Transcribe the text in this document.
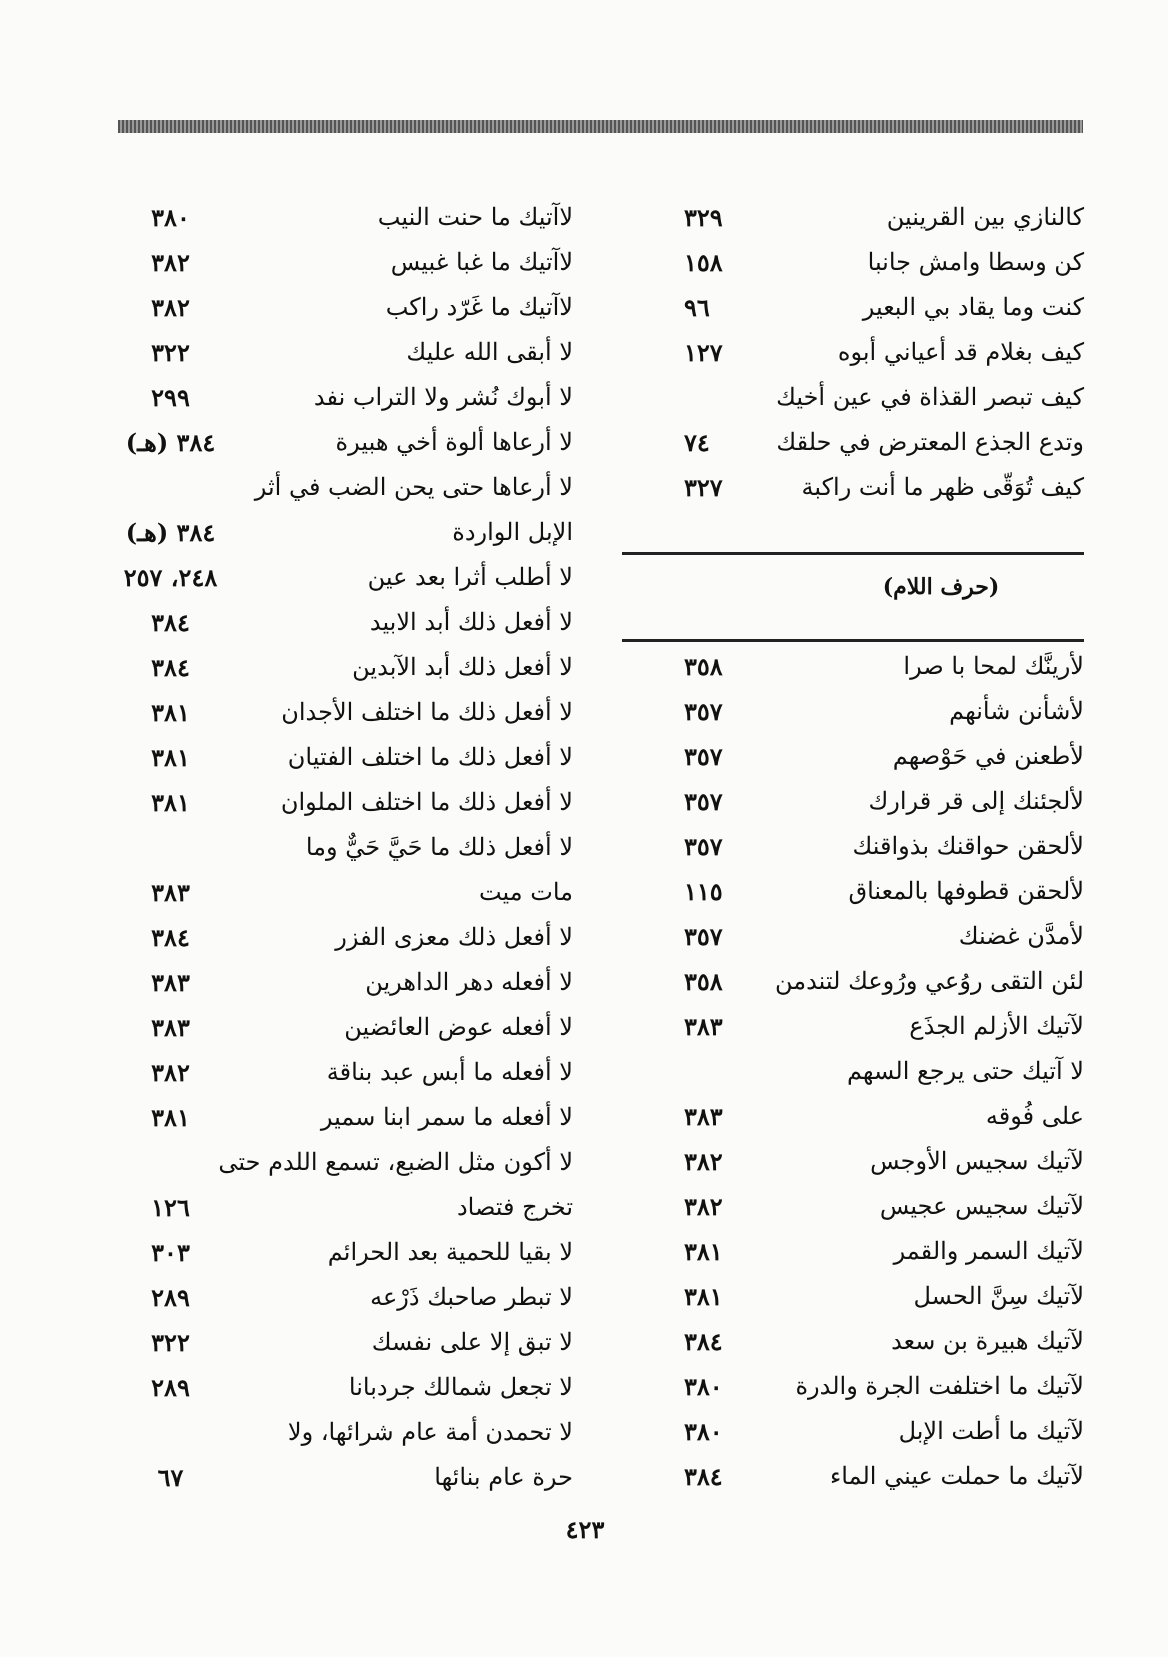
كالنازي بين القرينين
٣٢٩
كن وسطا وامش جانبا
١٥٨
كنت وما يقاد بي البعير
٩٦
كيف بغلام قد أعياني أبوه
١٢٧
كيف تبصر القذاة في عين أخيك
وتدع الجذع المعترض في حلقك
٧٤
كيف تُوَقّى ظهر ما أنت راكبة
٣٢٧
(حرف اللام)
لأرينَّك لمحا با صرا
٣٥٨
لأشأنن شأنهم
٣٥٧
لأطعنن في حَوْصهم
٣٥٧
لألجئنك إلى قر قرارك
٣٥٧
لألحقن حواقنك بذواقنك
٣٥٧
لألحقن قطوفها بالمعناق
١١٥
لأمدَّن غضنك
٣٥٧
لئن التقى روُعي ورُوعك لتندمن
٣٥٨
لآتيك الأزلم الجذَع
٣٨٣
لا آتيك حتى يرجع السهم
على فُوقه
٣٨٣
لآتيك سجيس الأوجس
٣٨٢
لآتيك سجيس عجيس
٣٨٢
لآتيك السمر والقمر
٣٨١
لآتيك سِنَّ الحسل
٣٨١
لآتيك هبيرة بن سعد
٣٨٤
لآتيك ما اختلفت الجرة والدرة
٣٨٠
لآتيك ما أطت الإبل
٣٨٠
لآتيك ما حملت عيني الماء
٣٨٤
لاآتيك ما حنت النيب
٣٨٠
لاآتيك ما غبا غبيس
٣٨٢
لاآتيك ما غَرّد راكب
٣٨٢
لا أبقى الله عليك
٣٢٢
لا أبوك نُشر ولا التراب نفد
٢٩٩
لا أرعاها ألوة أخي هبيرة
٣٨٤ (هـ)
لا أرعاها حتى يحن الضب في أثر
الإبل الواردة
٣٨٤ (هـ)
لا أطلب أثرا بعد عين
٢٤٨، ٢٥٧
لا أفعل ذلك أبد الابيد
٣٨٤
لا أفعل ذلك أبد الآبدين
٣٨٤
لا أفعل ذلك ما اختلف الأجدان
٣٨١
لا أفعل ذلك ما اختلف الفتيان
٣٨١
لا أفعل ذلك ما اختلف الملوان
٣٨١
لا أفعل ذلك ما حَيَّ حَيٌّ وما
مات ميت
٣٨٣
لا أفعل ذلك معزى الفزر
٣٨٤
لا أفعله دهر الداهرين
٣٨٣
لا أفعله عوض العائضين
٣٨٣
لا أفعله ما أبس عبد بناقة
٣٨٢
لا أفعله ما سمر ابنا سمير
٣٨١
لا أكون مثل الضبع، تسمع اللدم حتى
تخرج فتصاد
١٢٦
لا بقيا للحمية بعد الحرائم
٣٠٣
لا تبطر صاحبك ذَرْعه
٢٨٩
لا تبق إلا على نفسك
٣٢٢
لا تجعل شمالك جردبانا
٢٨٩
لا تحمدن أمة عام شرائها، ولا
حرة عام بنائها
٦٧
٤٢٣
